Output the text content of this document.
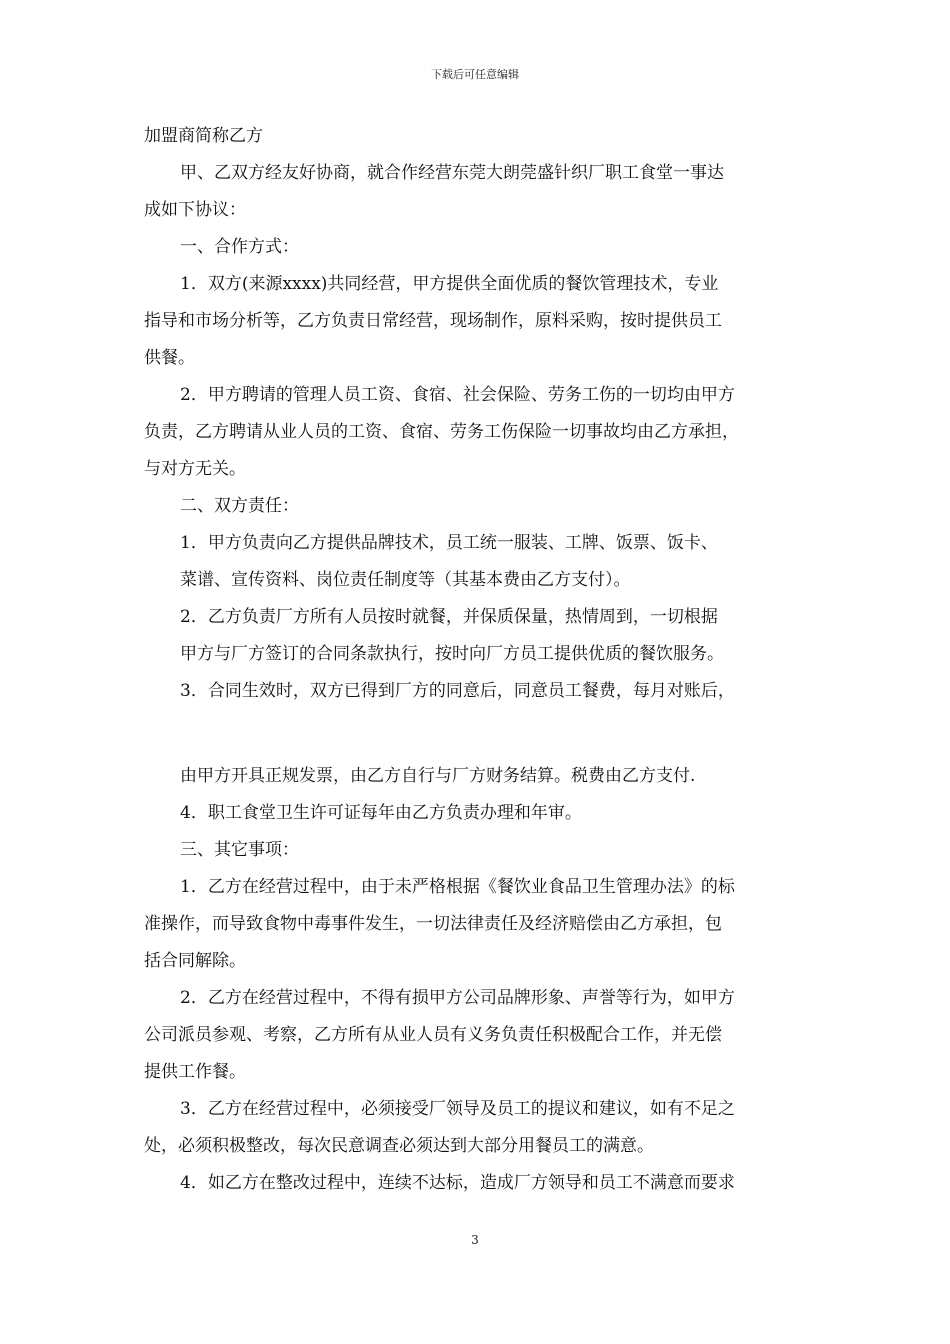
下载后可任意编辑
加盟商简称乙方
甲、乙双方经友好协商，就合作经营东莞大朗莞盛针织厂职工食堂一事达
成如下协议：
一、合作方式：
1．双方(来源xxxx)共同经营，甲方提供全面优质的餐饮管理技术，专业
指导和市场分析等，乙方负责日常经营，现场制作，原料采购，按时提供员工
供餐。
2．甲方聘请的管理人员工资、食宿、社会保险、劳务工伤的一切均由甲方
负责，乙方聘请从业人员的工资、食宿、劳务工伤保险一切事故均由乙方承担，
与对方无关。
二、双方责任：
1．甲方负责向乙方提供品牌技术，员工统一服装、工牌、饭票、饭卡、
菜谱、宣传资料、岗位责任制度等（其基本费由乙方支付）。
2．乙方负责厂方所有人员按时就餐，并保质保量，热情周到，一切根据
甲方与厂方签订的合同条款执行，按时向厂方员工提供优质的餐饮服务。
3．合同生效时，双方已得到厂方的同意后，同意员工餐费，每月对账后，
由甲方开具正规发票，由乙方自行与厂方财务结算。税费由乙方支付.
4．职工食堂卫生许可证每年由乙方负责办理和年审。
三、其它事项：
1．乙方在经营过程中，由于未严格根据《餐饮业食品卫生管理办法》的标
准操作，而导致食物中毒事件发生，一切法律责任及经济赔偿由乙方承担，包
括合同解除。
2．乙方在经营过程中，不得有损甲方公司品牌形象、声誉等行为，如甲方
公司派员参观、考察，乙方所有从业人员有义务负责任积极配合工作，并无偿
提供工作餐。
3．乙方在经营过程中，必须接受厂领导及员工的提议和建议，如有不足之
处，必须积极整改，每次民意调查必须达到大部分用餐员工的满意。
4．如乙方在整改过程中，连续不达标，造成厂方领导和员工不满意而要求
3
